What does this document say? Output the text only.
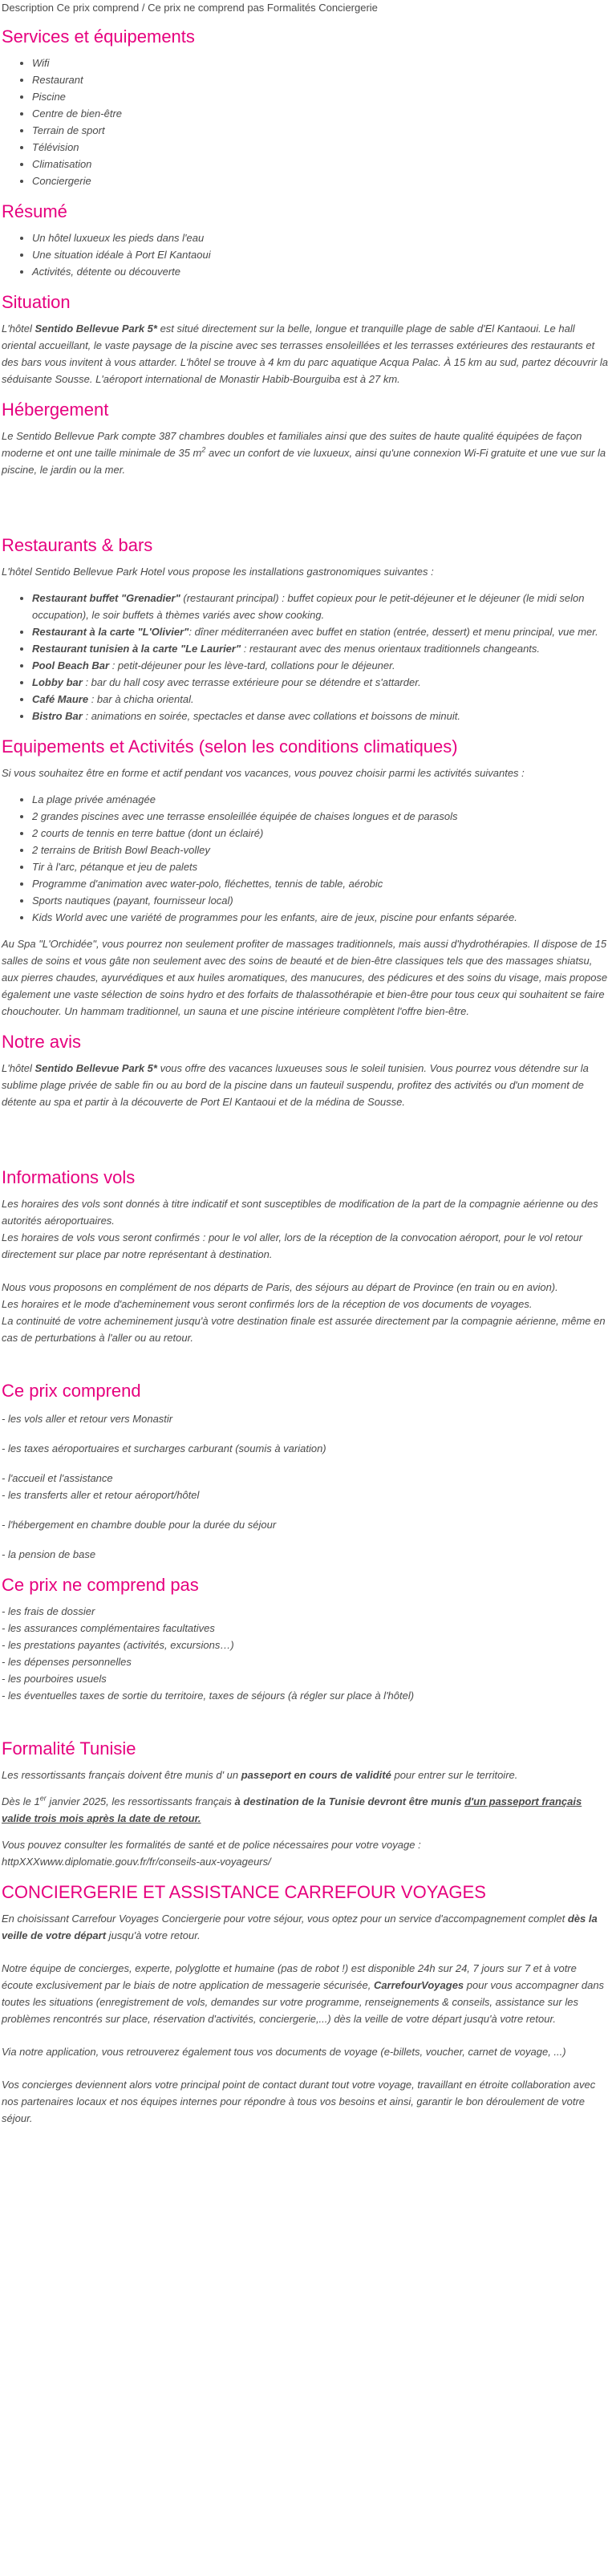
Description Ce prix comprend / Ce prix ne comprend pas Formalités Conciergerie
Services et équipements
• Wifi
• Restaurant
• Piscine
• Centre de bien-être
• Terrain de sport
• Télévision
• Climatisation
• Conciergerie
Résumé
• Un hôtel luxueux les pieds dans l'eau
• Une situation idéale à Port El Kantaoui
• Activités, détente ou découverte
Situation

L'hôtel Sentido Bellevue Park 5* est situé directement sur la belle, longue et tranquille plage de sable d'El Kantaoui. Le hall oriental accueillant, le vaste paysage de la piscine avec ses terrasses ensoleillées et les terrasses extérieures des restaurants et des bars vous invitent à vous attarder. L'hôtel se trouve à 4 km du parc aquatique Acqua Palac. À 15 km au sud, partez découvrir la séduisante Sousse. L'aéroport international de Monastir Habib-Bourguiba est à 27 km.

Hébergement

Le Sentido Bellevue Park compte 387 chambres doubles et familiales ainsi que des suites de haute qualité équipées de façon moderne et ont une taille minimale de 35 $m^2$ avec un confort de vie luxueux, ainsi qu'une connexion Wi-Fi gratuite et une vue sur la piscine, le jardin ou la mer.

Restaurants & bars

L'hôtel Sentido Bellevue Park Hotel vous propose les installations gastronomiques suivantes :

• Restaurant buffet "Grenadier" (restaurant principal) : buffet copieux pour le petit-déjeuner et le déjeuner (le midi selon occupation), le soir buffets à thèmes variés avec show cooking.
• Restaurant à la carte "L'Olivier": dîner méditerranéen avec buffet en station (entrée, dessert) et menu principal, vue mer.
• Restaurant tunisien à la carte "Le Laurier" : restaurant avec des menus orientaux traditionnels changeants.
• Pool Beach Bar : petit-déjeuner pour les lève-tard, collations pour le déjeuner.
• Lobby bar : bar du hall cosy avec terrasse extérieure pour se détendre et s'attarder.
• Café Maure : bar à chicha oriental.
• Bistro Bar : animations en soirée, spectacles et danse avec collations et boissons de minuit.
Equipements et Activités (selon les conditions climatiques)

Si vous souhaitez être en forme et actif pendant vos vacances, vous pouvez choisir parmi les activités suivantes :

• La plage privée aménagée
• 2 grandes piscines avec une terrasse ensoleillée équipée de chaises longues et de parasols
• 2 courts de tennis en terre battue (dont un éclairé)
• 2 terrains de British Bowl Beach-volley
• Tir à l'arc, pétanque et jeu de palets
• Programme d'animation avec water-polo, fléchettes, tennis de table, aérobic
• Sports nautiques (payant, fournisseur local)
• Kids World avec une variété de programmes pour les enfants, aire de jeux, piscine pour enfants séparée.

Au Spa "L'Orchidée", vous pourrez non seulement profiter de massages traditionnels, mais aussi d'hydrothérapies. Il dispose de 15 salles de soins et vous gâte non seulement avec des soins de beauté et de bien-être classiques tels que des massages shiatsu, aux pierres chaudes, ayurvédiques et aux huiles aromatiques, des manucures, des pédicures et des soins du visage, mais propose également une vaste sélection de soins hydro et des forfaits de thalassothérapie et bien-être pour tous ceux qui souhaitent se faire chouchouter. Un hammam traditionnel, un sauna et une piscine intérieure complètent l'offre bien-être.

Notre avis

L'hôtel Sentido Bellevue Park 5* vous offre des vacances luxueuses sous le soleil tunisien. Vous pourrez vous détendre sur la sublime plage privée de sable fin ou au bord de la piscine dans un fauteuil suspendu, profitez des activités ou d'un moment de détente au spa et partir à la découverte de Port El Kantaoui et de la médina de Sousse.

Informations vols

Les horaires des vols sont donnés à titre indicatif et sont susceptibles de modification de la part de la compagnie aérienne ou des autorités aéroportuaires.

Les horaires de vols vous seront confirmés : pour le vol aller, lors de la réception de la convocation aéroport, pour le vol retour directement sur place par notre représentant à destination.

Nous vous proposons en complément de nos départs de Paris, des séjours au départ de Province (en train ou en avion).

Les horaires et le mode d'acheminement vous seront confirmés lors de la réception de vos documents de voyages.

La continuité de votre acheminement jusqu'à votre destination finale est assurée directement par la compagnie aérienne, même en cas de perturbations à l'aller ou au retour.

Ce prix comprend

- les vols aller et retour vers Monastir

- les taxes aéroportuaires et surcharges carburant (soumis à variation)

- l'accueil et l'assistance

- les transferts aller et retour aéroport/hôtel

- l'hébergement en chambre double pour la durée du séjour

- la pension de base

Ce prix ne comprend pas

- les frais de dossier

- les assurances complémentaires facultatives

- les prestations payantes (activités, excursions…)

- les dépenses personnelles

- les pourboires usuels

- les éventuelles taxes de sortie du territoire, taxes de séjours (à régler sur place à l'hôtel)

Formalité Tunisie

Les ressortissants français doivent être munis d' un passeport en cours de validité pour entrer sur le territoire.

Dès le 1er janvier 2025, les ressortissants français à destination de la Tunisie devront être munis d'un passeport français valide trois mois après la date de retour.

Vous pouvez consulter les formalités de santé et de police nécessaires pour votre voyage :

httpXXXwww.diplomatie.gouv.fr/fr/conseils-aux-voyageurs/

CONCIERGERIE ET ASSISTANCE CARREFOUR VOYAGES

En choisissant Carrefour Voyages Conciergerie pour votre séjour, vous optez pour un service d'accompagnement complet dès la veille de votre départ jusqu'à votre retour.

Notre équipe de concierges, experte, polyglotte et humaine (pas de robot !) est disponible 24h sur 24, 7 jours sur 7 et à votre écoute exclusivement par le biais de notre application de messagerie sécurisée, CarrefourVoyages pour vous accompagner dans toutes les situations (enregistrement de vols, demandes sur votre programme, renseignements & conseils, assistance sur les problèmes rencontrés sur place, réservation d'activités, conciergerie,...) dès la veille de votre départ jusqu'à votre retour.

Via notre application, vous retrouverez également tous vos documents de voyage (e-billets, voucher, carnet de voyage, ...)

Vos concierges deviennent alors votre principal point de contact durant tout votre voyage, travaillant en étroite collaboration avec nos partenaires locaux et nos équipes internes pour répondre à tous vos besoins et ainsi, garantir le bon déroulement de votre séjour.
